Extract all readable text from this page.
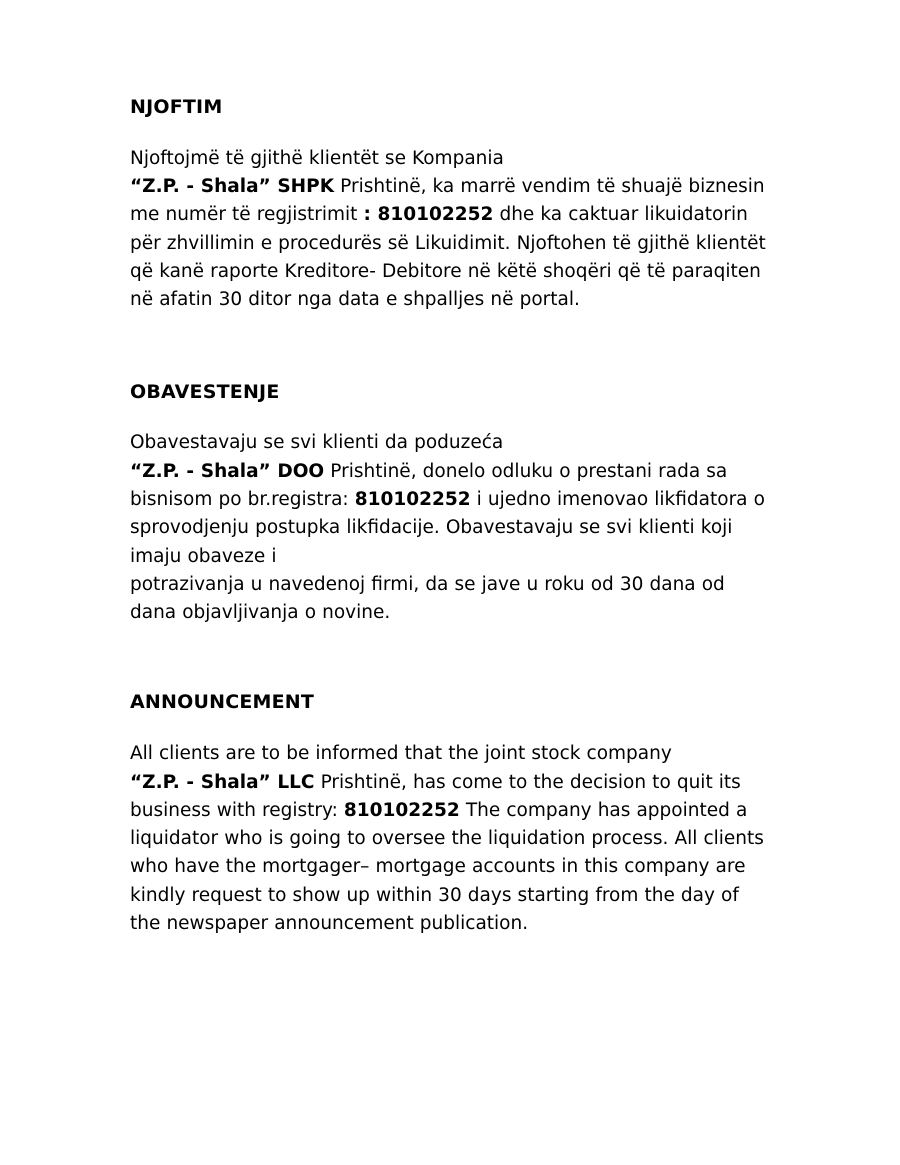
NJOFTIM

Njoftojmë të gjithë klientët se Kompania
“Z.P. - Shala” SHPK Prishtinë, ka marrë vendim të shuajë biznesin me numër të regjistrimit : 810102252 dhe ka caktuar likuidatorin për zhvillimin e procedurës së Likuidimit. Njoftohen të gjithë klientët që kanë raporte Kreditore- Debitore në këtë shoqëri që të paraqiten në afatin 30 ditor nga data e shpalljes në portal.

OBAVESTENJE

Obavestavaju se svi klienti da poduzeća
“Z.P. - Shala” DOO Prishtinë, donelo odluku o prestani rada sa bisnisom po br.registra: 810102252 i ujedno imenovao likfidatora o sprovodjenju postupka likfidacije. Obavestavaju se svi klienti koji imaju obaveze i
potrazivanja u navedenoj firmi, da se jave u roku od 30 dana od dana objavljivanja o novine.

ANNOUNCEMENT

All clients are to be informed that the joint stock company
“Z.P. - Shala” LLC Prishtinë, has come to the decision to quit its business with registry: 810102252 The company has appointed a liquidator who is going to oversee the liquidation process. All clients who have the mortgager– mortgage accounts in this company are kindly request to show up within 30 days starting from the day of the newspaper announcement publication.
